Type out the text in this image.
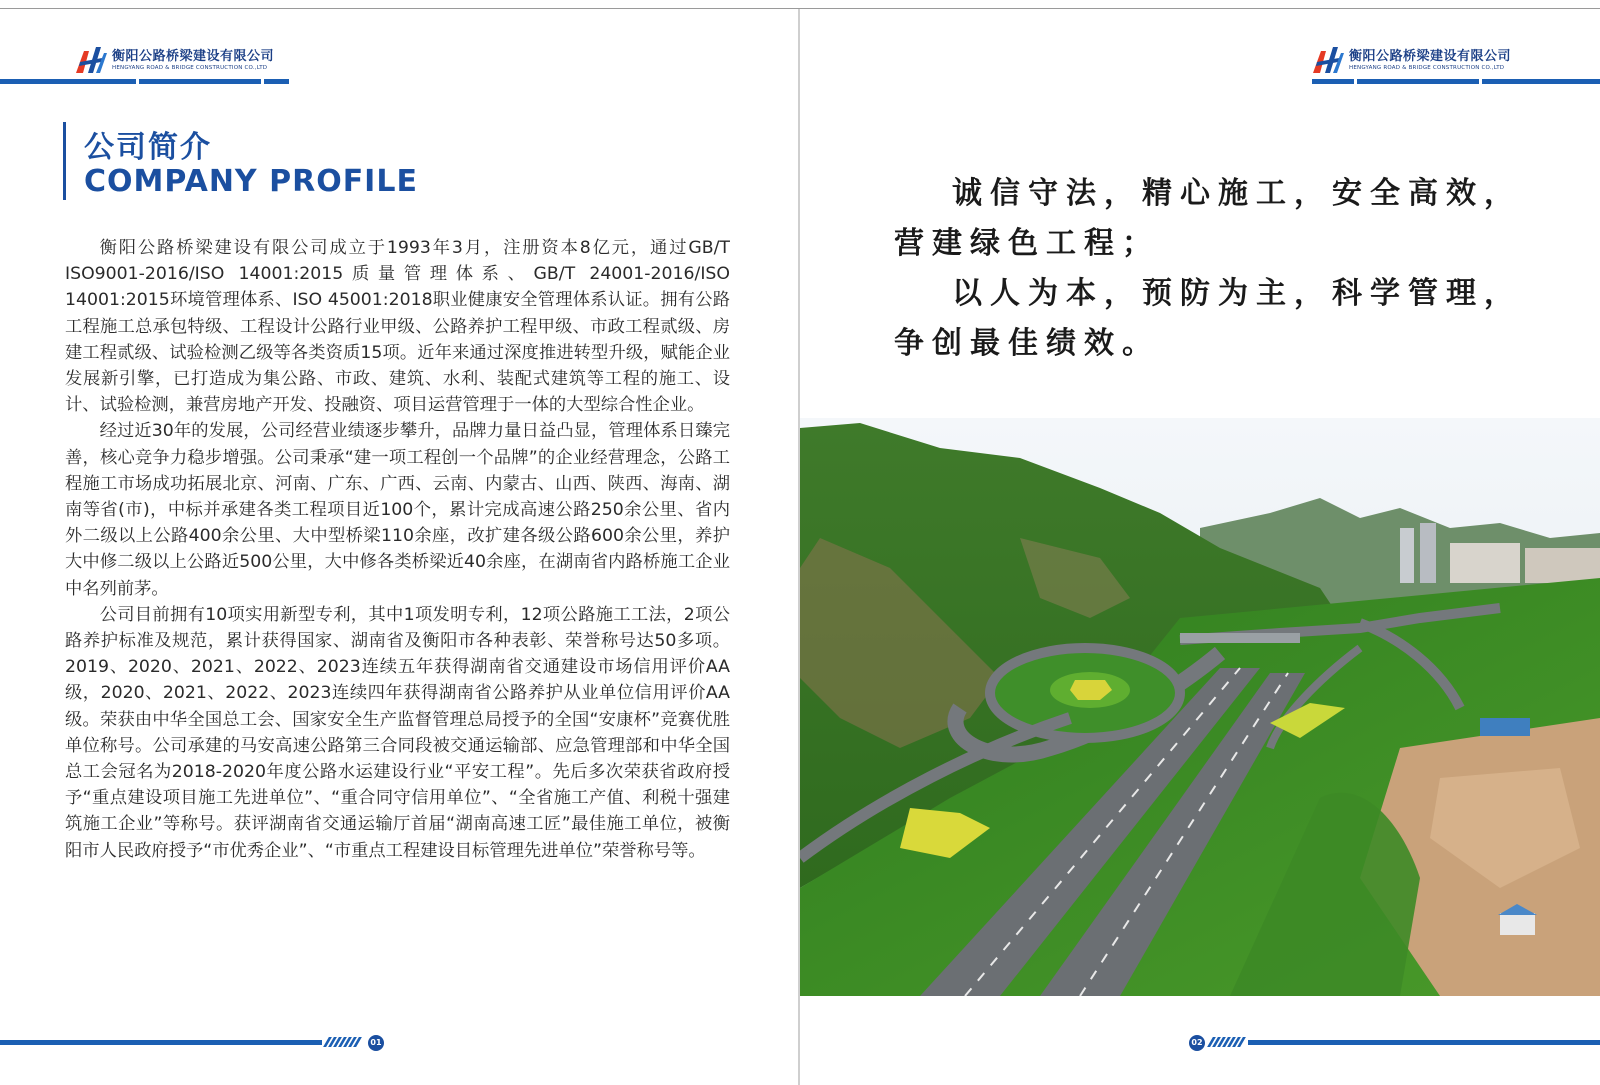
衡阳公路桥梁建设有限公司
HENGYANG ROAD & BRIDGE CONSTRUCTION CO.,LTD
公司简介
COMPANY PROFILE

衡阳公路桥梁建设有限公司成立于1993年3月，注册资本8亿元，通过GB/T ISO9001-2016/ISO 14001:2015质量管理体系、GB/T 24001-2016/ISO 14001:2015环境管理体系、ISO 45001:2018职业健康安全管理体系认证。拥有公路工程施工总承包特级、工程设计公路行业甲级、公路养护工程甲级、市政工程贰级、房建工程贰级、试验检测乙级等各类资质15项。近年来通过深度推进转型升级，赋能企业发展新引擎，已打造成为集公路、市政、建筑、水利、装配式建筑等工程的施工、设计、试验检测，兼营房地产开发、投融资、项目运营管理于一体的大型综合性企业。

经过近30年的发展，公司经营业绩逐步攀升，品牌力量日益凸显，管理体系日臻完善，核心竞争力稳步增强。公司秉承“建一项工程创一个品牌”的企业经营理念，公路工程施工市场成功拓展北京、河南、广东、广西、云南、内蒙古、山西、陕西、海南、湖南等省(市)，中标并承建各类工程项目近100个，累计完成高速公路250余公里、省内外二级以上公路400余公里、大中型桥梁110余座，改扩建各级公路600余公里，养护大中修二级以上公路近500公里，大中修各类桥梁近40余座，在湖南省内路桥施工企业中名列前茅。

公司目前拥有10项实用新型专利，其中1项发明专利，12项公路施工工法，2项公路养护标准及规范，累计获得国家、湖南省及衡阳市各种表彰、荣誉称号达50多项。2019、2020、2021、2022、2023连续五年获得湖南省交通建设市场信用评价AA级，2020、2021、2022、2023连续四年获得湖南省公路养护从业单位信用评价AA级。荣获由中华全国总工会、国家安全生产监督管理总局授予的全国“安康杯”竞赛优胜单位称号。公司承建的马安高速公路第三合同段被交通运输部、应急管理部和中华全国总工会冠名为2018-2020年度公路水运建设行业“平安工程”。先后多次荣获省政府授予“重点建设项目施工先进单位”、“重合同守信用单位”、“全省施工产值、利税十强建筑施工企业”等称号。获评湖南省交通运输厅首届“湖南高速工匠”最佳施工单位，被衡阳市人民政府授予“市优秀企业”、“市重点工程建设目标管理先进单位”荣誉称号等。

01
衡阳公路桥梁建设有限公司
HENGYANG ROAD & BRIDGE CONSTRUCTION CO.,LTD
诚信守法，精心施工，安全高效，
营建绿色工程；
以人为本，预防为主，科学管理，
争创最佳绩效。
02
